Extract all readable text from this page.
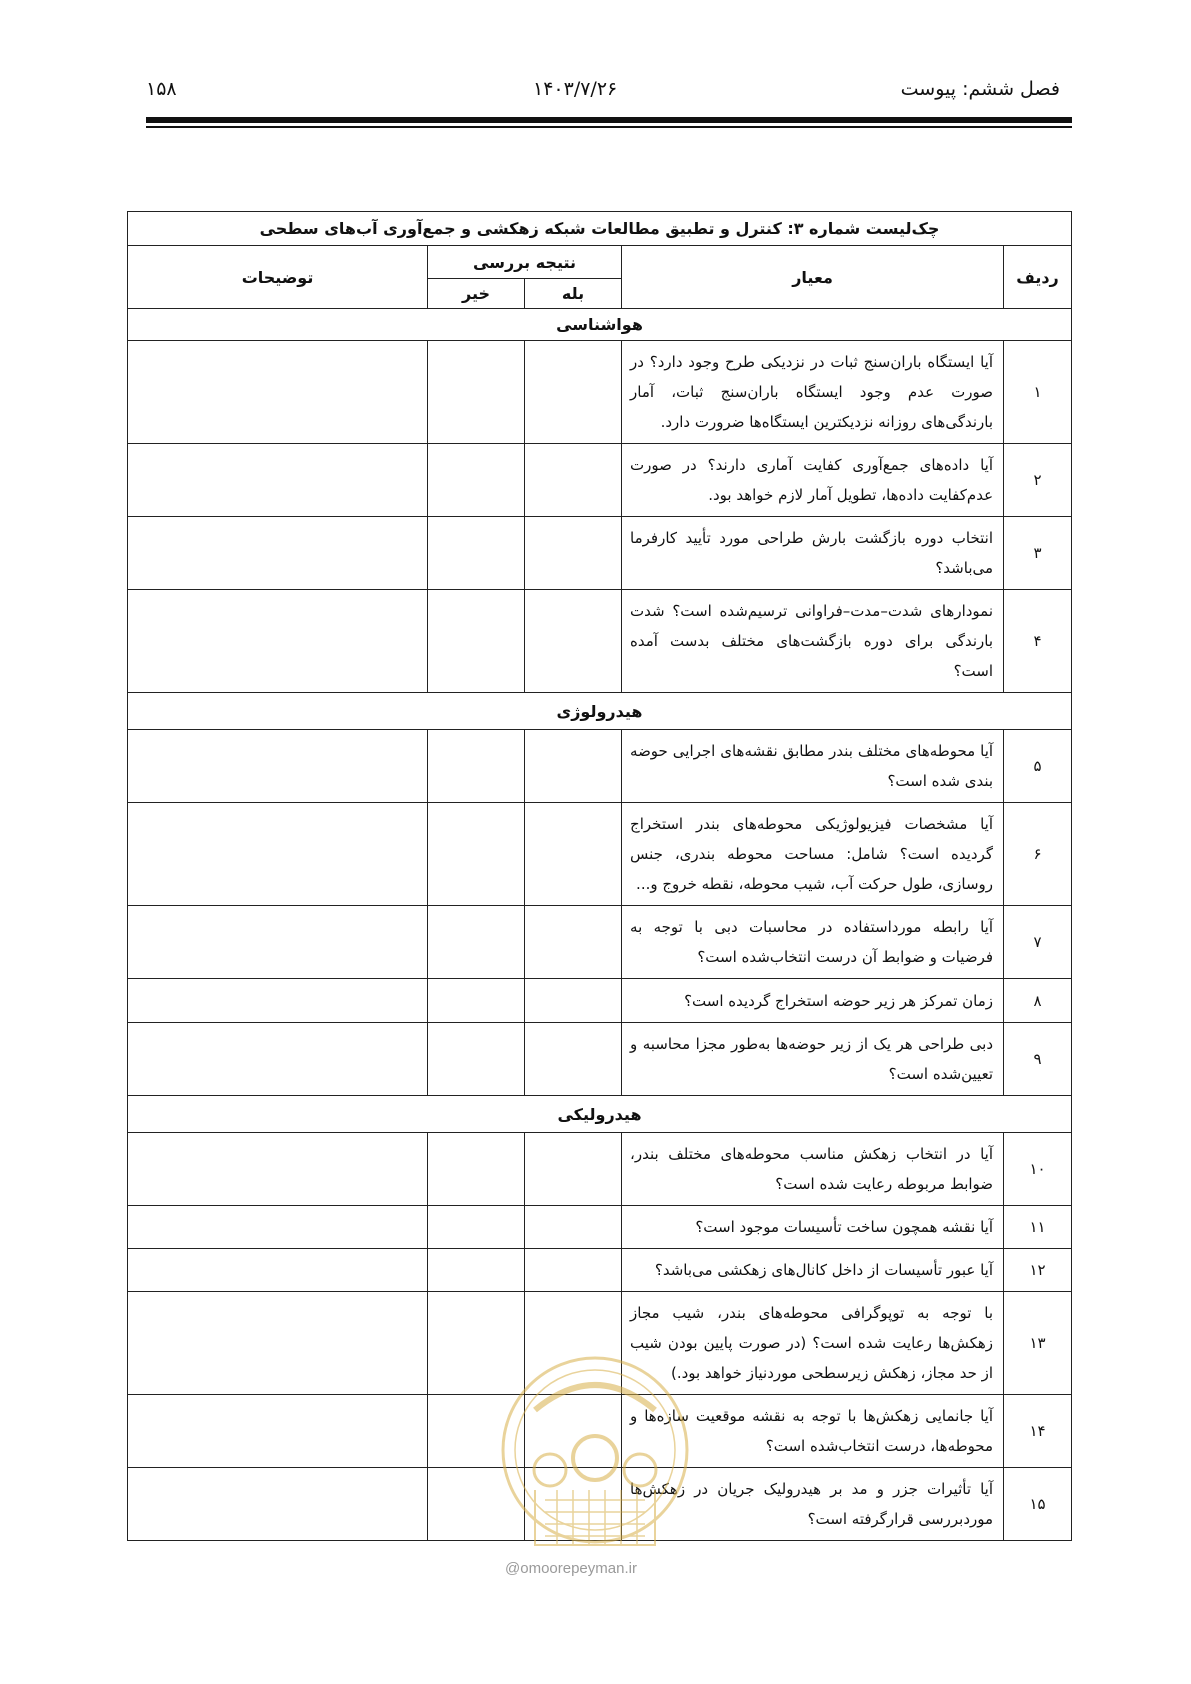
فصل ششم: پیوست
۱۴۰۳/۷/۲۶
۱۵۸
چک‌لیست شماره ۳: کنترل و تطبیق مطالعات شبکه زهکشی و جمع‌آوری آب‌های سطحی				
ردیف	معیار	نتیجه بررسی		توضیحات
		بله	خیر	
هواشناسی				
۱	آیا ایستگاه باران‌سنج ثبات در نزدیکی طرح وجود دارد؟ در صورت عدم وجود ایستگاه باران‌سنج ثبات، آمار بارندگی‌های روزانه نزدیکترین ایستگاه‌ها ضرورت دارد.			
۲	آیا داده‌های جمع‌آوری کفایت آماری دارند؟ در صورت عدم‌کفایت داده‌ها، تطویل آمار لازم خواهد بود.			
۳	انتخاب دوره بازگشت بارش طراحی مورد تأیید کارفرما می‌باشد؟			
۴	نمودارهای شدت–مدت–فراوانی ترسیم‌شده است؟ شدت بارندگی برای دوره بازگشت‌های مختلف بدست آمده است؟			
هیدرولوژی				
۵	آیا محوطه‌های مختلف بندر مطابق نقشه‌های اجرایی حوضه بندی شده است؟			
۶	آیا مشخصات فیزیولوژیکی محوطه‌های بندر استخراج گردیده است؟ شامل: مساحت محوطه بندری، جنس روسازی، طول حرکت آب، شیب محوطه، نقطه خروج و...			
۷	آیا رابطه مورداستفاده در محاسبات دبی با توجه به فرضیات و ضوابط آن درست انتخاب‌شده است؟			
۸	زمان تمرکز هر زیر حوضه استخراج گردیده است؟			
۹	دبی طراحی هر یک از زیر حوضه‌ها به‌طور مجزا محاسبه و تعیین‌شده است؟			
هیدرولیکی				
۱۰	آیا در انتخاب زهکش مناسب محوطه‌های مختلف بندر، ضوابط مربوطه رعایت شده است؟			
۱۱	آیا نقشه همچون ساخت تأسیسات موجود است؟			
۱۲	آیا عبور تأسیسات از داخل کانال‌های زهکشی می‌باشد؟			
۱۳	با توجه به توپوگرافی محوطه‌های بندر، شیب مجاز زهکش‌ها رعایت شده است؟ (در صورت پایین بودن شیب از حد مجاز، زهکش زیرسطحی موردنیاز خواهد بود.)			
۱۴	آیا جانمایی زهکش‌ها با توجه به نقشه موقعیت سازه‌ها و محوطه‌ها، درست انتخاب‌شده است؟			
۱۵	آیا تأثیرات جزر و مد بر هیدرولیک جریان در زهکش‌ها موردبررسی قرارگرفته است؟			
@omoorepeyman.ir
